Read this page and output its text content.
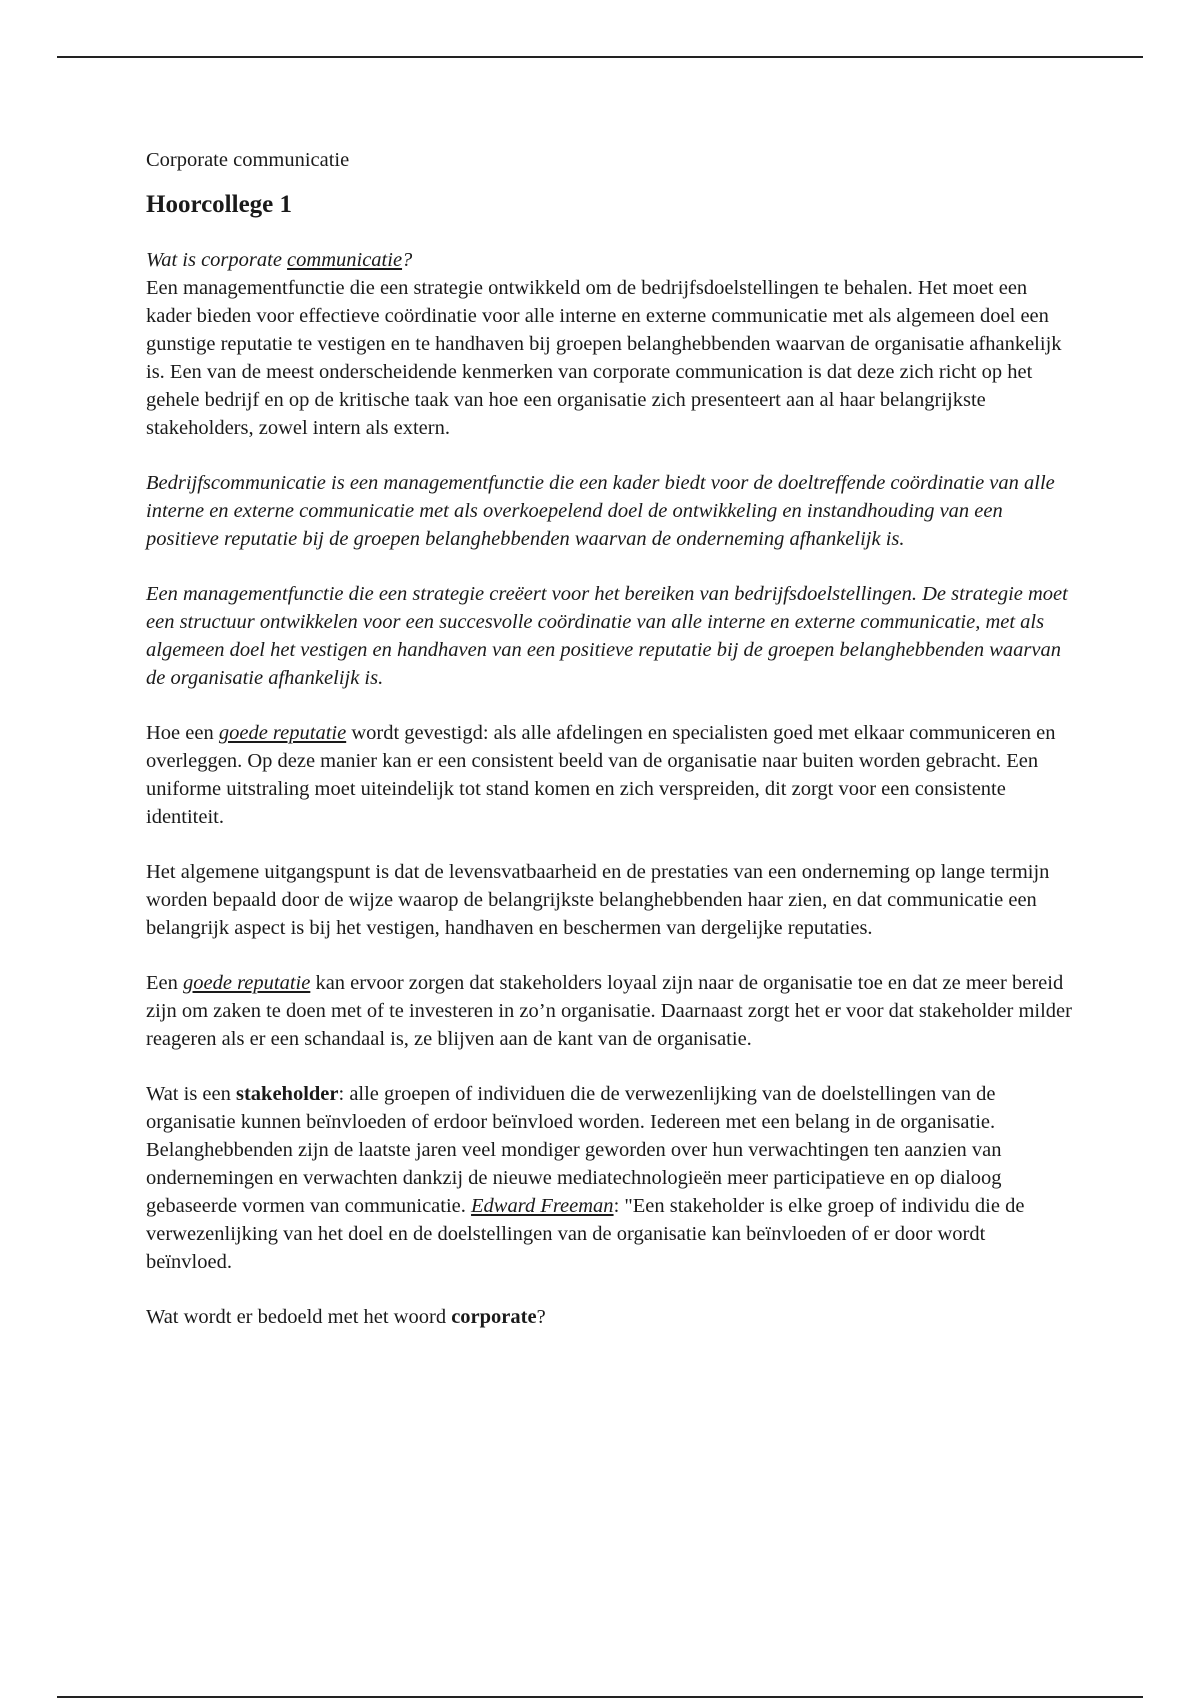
Corporate communicatie
Hoorcollege 1

Wat is corporate communicatie?
Een managementfunctie die een strategie ontwikkeld om de bedrijfsdoelstellingen te behalen. Het moet een kader bieden voor effectieve coördinatie voor alle interne en externe communicatie met als algemeen doel een gunstige reputatie te vestigen en te handhaven bij groepen belanghebbenden waarvan de organisatie afhankelijk is. Een van de meest onderscheidende kenmerken van corporate communication is dat deze zich richt op het gehele bedrijf en op de kritische taak van hoe een organisatie zich presenteert aan al haar belangrijkste stakeholders, zowel intern als extern.

Bedrijfscommunicatie is een managementfunctie die een kader biedt voor de doeltreffende coördinatie van alle interne en externe communicatie met als overkoepelend doel de ontwikkeling en instandhouding van een positieve reputatie bij de groepen belanghebbenden waarvan de onderneming afhankelijk is.

Een managementfunctie die een strategie creëert voor het bereiken van bedrijfsdoelstellingen. De strategie moet een structuur ontwikkelen voor een succesvolle coördinatie van alle interne en externe communicatie, met als algemeen doel het vestigen en handhaven van een positieve reputatie bij de groepen belanghebbenden waarvan de organisatie afhankelijk is.

Hoe een goede reputatie wordt gevestigd: als alle afdelingen en specialisten goed met elkaar communiceren en overleggen. Op deze manier kan er een consistent beeld van de organisatie naar buiten worden gebracht. Een uniforme uitstraling moet uiteindelijk tot stand komen en zich verspreiden, dit zorgt voor een consistente identiteit.

Het algemene uitgangspunt is dat de levensvatbaarheid en de prestaties van een onderneming op lange termijn worden bepaald door de wijze waarop de belangrijkste belanghebbenden haar zien, en dat communicatie een belangrijk aspect is bij het vestigen, handhaven en beschermen van dergelijke reputaties.

Een goede reputatie kan ervoor zorgen dat stakeholders loyaal zijn naar de organisatie toe en dat ze meer bereid zijn om zaken te doen met of te investeren in zo’n organisatie. Daarnaast zorgt het er voor dat stakeholder milder reageren als er een schandaal is, ze blijven aan de kant van de organisatie.

Wat is een stakeholder: alle groepen of individuen die de verwezenlijking van de doelstellingen van de organisatie kunnen beïnvloeden of erdoor beïnvloed worden. Iedereen met een belang in de organisatie. Belanghebbenden zijn de laatste jaren veel mondiger geworden over hun verwachtingen ten aanzien van ondernemingen en verwachten dankzij de nieuwe mediatechnologieën meer participatieve en op dialoog gebaseerde vormen van communicatie. Edward Freeman: "Een stakeholder is elke groep of individu die de verwezenlijking van het doel en de doelstellingen van de organisatie kan beïnvloeden of er door wordt beïnvloed.

Wat wordt er bedoeld met het woord corporate?
